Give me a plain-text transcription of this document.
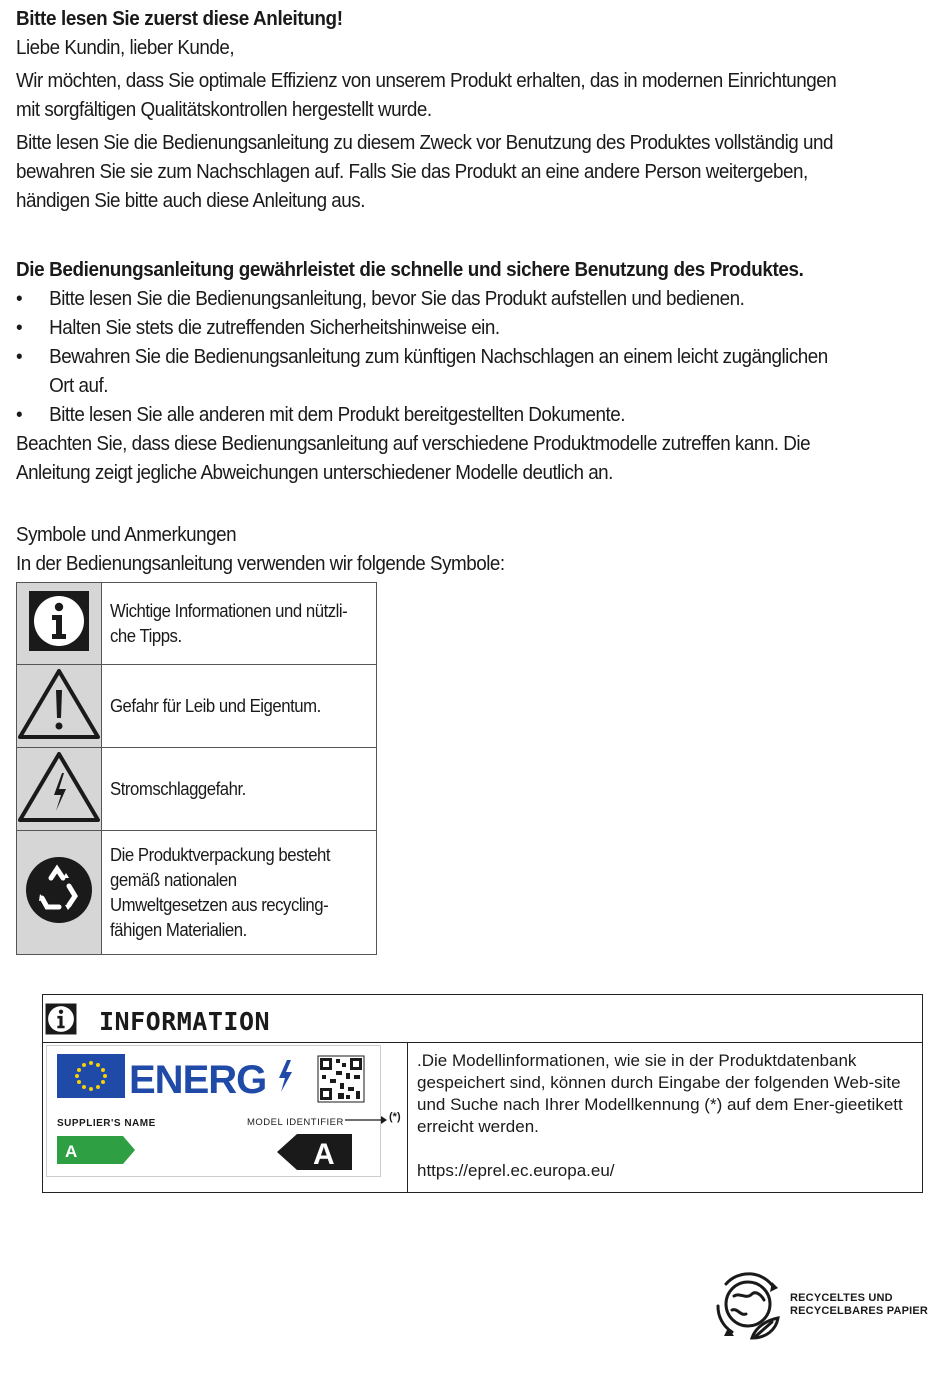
Bitte lesen Sie zuerst diese Anleitung!

Liebe Kundin, lieber Kunde,

Wir möchten, dass Sie optimale Effizienz von unserem Produkt erhalten, das in modernen Einrichtungen mit sorgfältigen Qualitätskontrollen hergestellt wurde.

Bitte lesen Sie die Bedienungsanleitung zu diesem Zweck vor Benutzung des Produktes vollständig und bewahren Sie sie zum Nachschlagen auf. Falls Sie das Produkt an eine andere Person weitergeben, händigen Sie bitte auch diese Anleitung aus.

Die Bedienungsanleitung gewährleistet die schnelle und sichere Benutzung des Produktes.

• Bitte lesen Sie die Bedienungsanleitung, bevor Sie das Produkt aufstellen und bedienen.
• Halten Sie stets die zutreffenden Sicherheitshinweise ein.
• Bewahren Sie die Bedienungsanleitung zum künftigen Nachschlagen an einem leicht zugänglichen Ort auf.
• Bitte lesen Sie alle anderen mit dem Produkt bereitgestellten Dokumente.

Beachten Sie, dass diese Bedienungsanleitung auf verschiedene Produktmodelle zutreffen kann. Die Anleitung zeigt jegliche Abweichungen unterschiedener Modelle deutlich an.

Symbole und Anmerkungen

In der Bedienungsanleitung verwenden wir folgende Symbole:

Wichtige Informationen und nützli-che Tipps.

Gefahr für Leib und Eigentum.

Stromschlaggefahr.

Die Produktverpackung besteht gemäß nationalen Umweltgesetzen aus recycling-fähigen Materialien.
INFORMATION
ENERG
SUPPLIER'S NAME	MODEL IDENTIFIER
A	A
(*)

.Die Modellinformationen, wie sie in der Produktdatenbank gespeichert sind, können durch Eingabe der folgenden Web-site und Suche nach Ihrer Modellkennung (*) auf dem Ener-gieetikett erreicht werden.

https://eprel.ec.europa.eu/

RECYCELTES UND
RECYCELBARES PAPIER
